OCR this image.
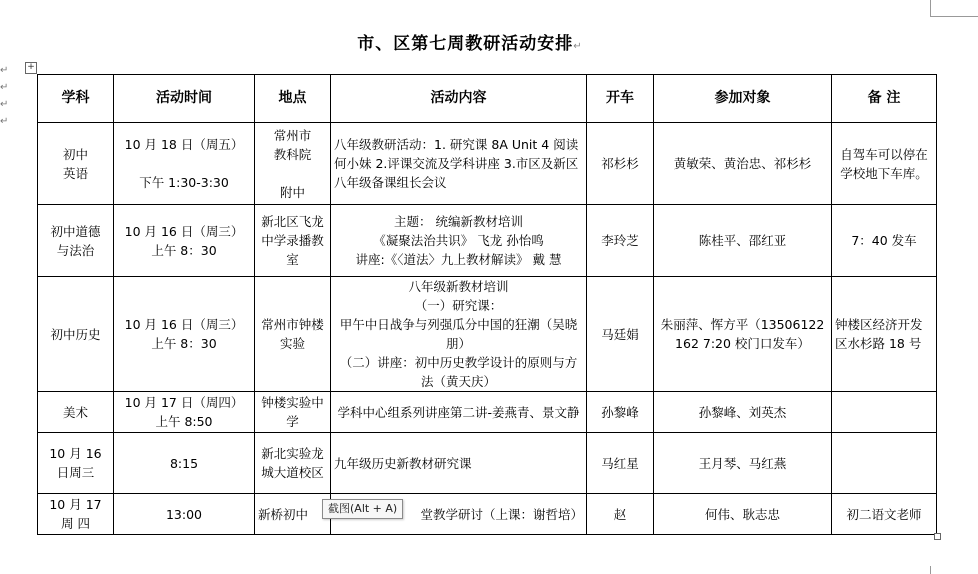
↵
↵
↵
↵
市、区第七周教研活动安排↵
+
学科	活动时间	地点	活动内容	开车	参加对象	备 注

初中
英语	10 月 18 日（周五）
下午 1:30-3:30	常州市
教科院
附中	八年级教研活动：1. 研究课 8A Unit 4 阅读何小妹 2.评课交流及学科讲座 3.市区及新区八年级备课组长会议	祁杉杉	黄敏荣、黄治忠、祁杉杉	自驾车可以停在学校地下车库。

初中道德
与法治	10 月 16 日（周三）
上午 8：30	新北区飞龙中学录播教室	主题： 统编新教材培训
《凝聚法治共识》 飞龙 孙怡鸣
讲座:《〈道法〉九上教材解读》 戴 慧	李玲芝	陈桂平、邵红亚	7：40 发车
初中历史	10 月 16 日（周三）
上午 8：30	常州市钟楼实验	八年级新教材培训
（一）研究课：
甲午中日战争与列强瓜分中国的狂潮（吴晓朋）
（二）讲座：初中历史教学设计的原则与方法（黄天庆）	马廷娟	朱丽萍、恽方平（13506122162 7:20 校门口发车）	钟楼区经济开发区水杉路 18 号
美术	10 月 17 日（周四）
上午 8:50	钟楼实验中学	学科中心组系列讲座第二讲-姜燕青、景文静	孙黎峰	孙黎峰、刘英杰	

10 月 16
日周三	8:15	新北实验龙城大道校区	九年级历史新教材研究课	马红星	王月琴、马红燕	

10 月 17
周 四	13:00	新桥初中	堂教学研讨（上课：谢哲培）	赵	何伟、耿志忠	初二语文老师
截图(Alt + A)
